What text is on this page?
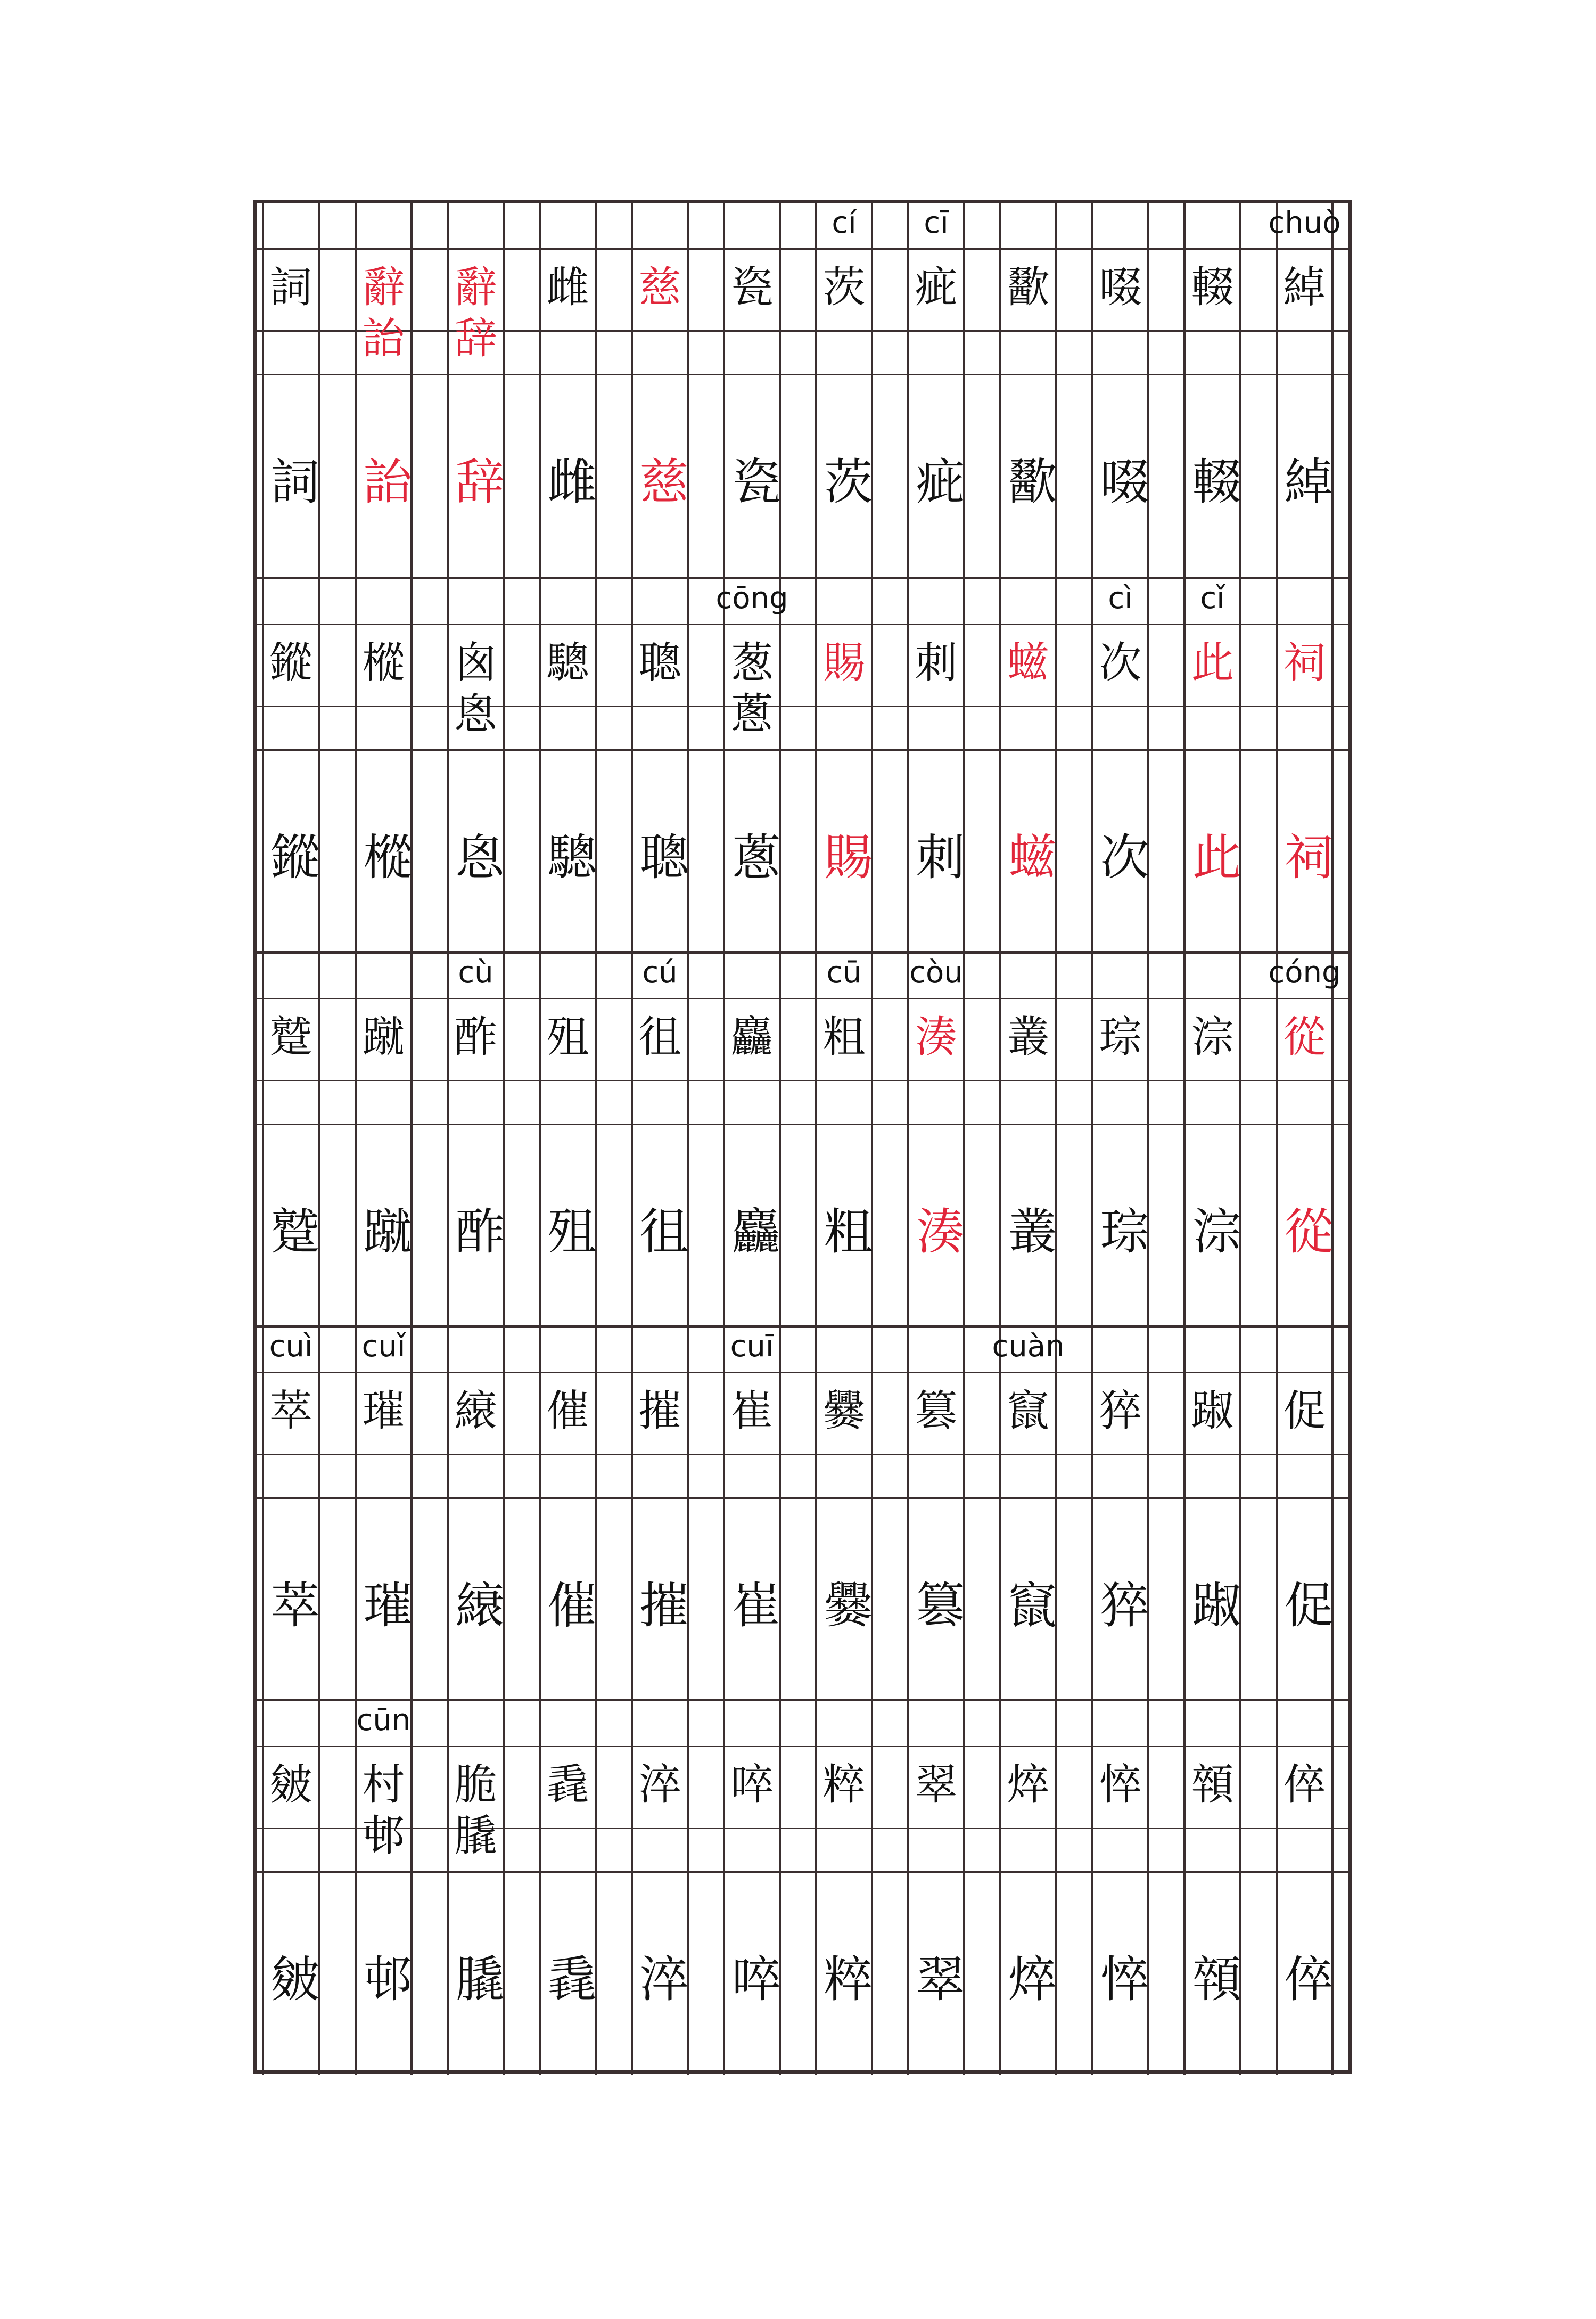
詞
詞
辭
詒
詒
辭
辞
辞
雌
雌
慈
慈
瓷
瓷
cí
茨
茨
cī
疵
疵
歠
歠
啜
啜
輟
輟
chuò
綽
綽
鏦
鏦
樅
樅
囪
恖
恖
驄
驄
聰
聰
cōng
葱
蔥
蔥
賜
賜
刺
刺
螆
螆
cì
次
次
cǐ
此
此
祠
祠
蹵
蹵
蹴
蹴
cù
酢
酢
殂
殂
cú
徂
徂
麤
麤
cū
粗
粗
còu
湊
湊
叢
叢
琮
琮
淙
淙
cóng
從
從
cuì
萃
萃
cuǐ
璀
璀
縗
縗
催
催
摧
摧
cuī
崔
崔
爨
爨
篡
篡
cuàn
竄
竄
猝
猝
踧
踧
促
促
皴
皴
cūn
村
邨
邨
脆
膬
膬
毳
毳
淬
淬
啐
啐
粹
粹
翠
翠
焠
焠
悴
悴
顇
顇
倅
倅
